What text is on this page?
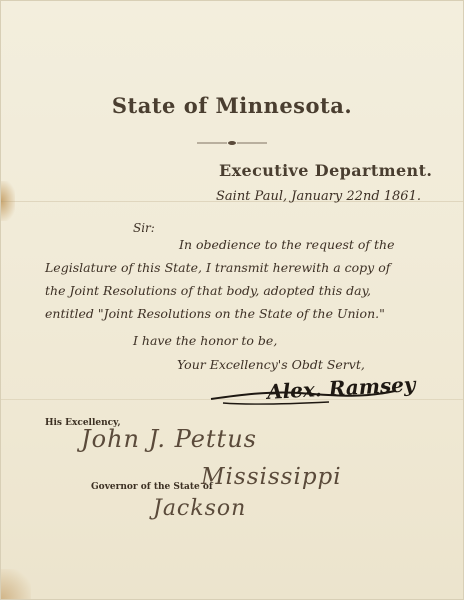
State of Minnesota.
Executive Department.
Saint Paul, January 22nd 1861.
Sir:
In obedience to the request of the
Legislature of this State, I transmit herewith a copy of
the Joint Resolutions of that body, adopted this day,
entitled "Joint Resolutions on the State of the Union."
I have the honor to be,
Your Excellency's Obdt Servt,
Alex. Ramsey
His Excellency,
John J. Pettus
Governor of the State of
Mississippi
Jackson
